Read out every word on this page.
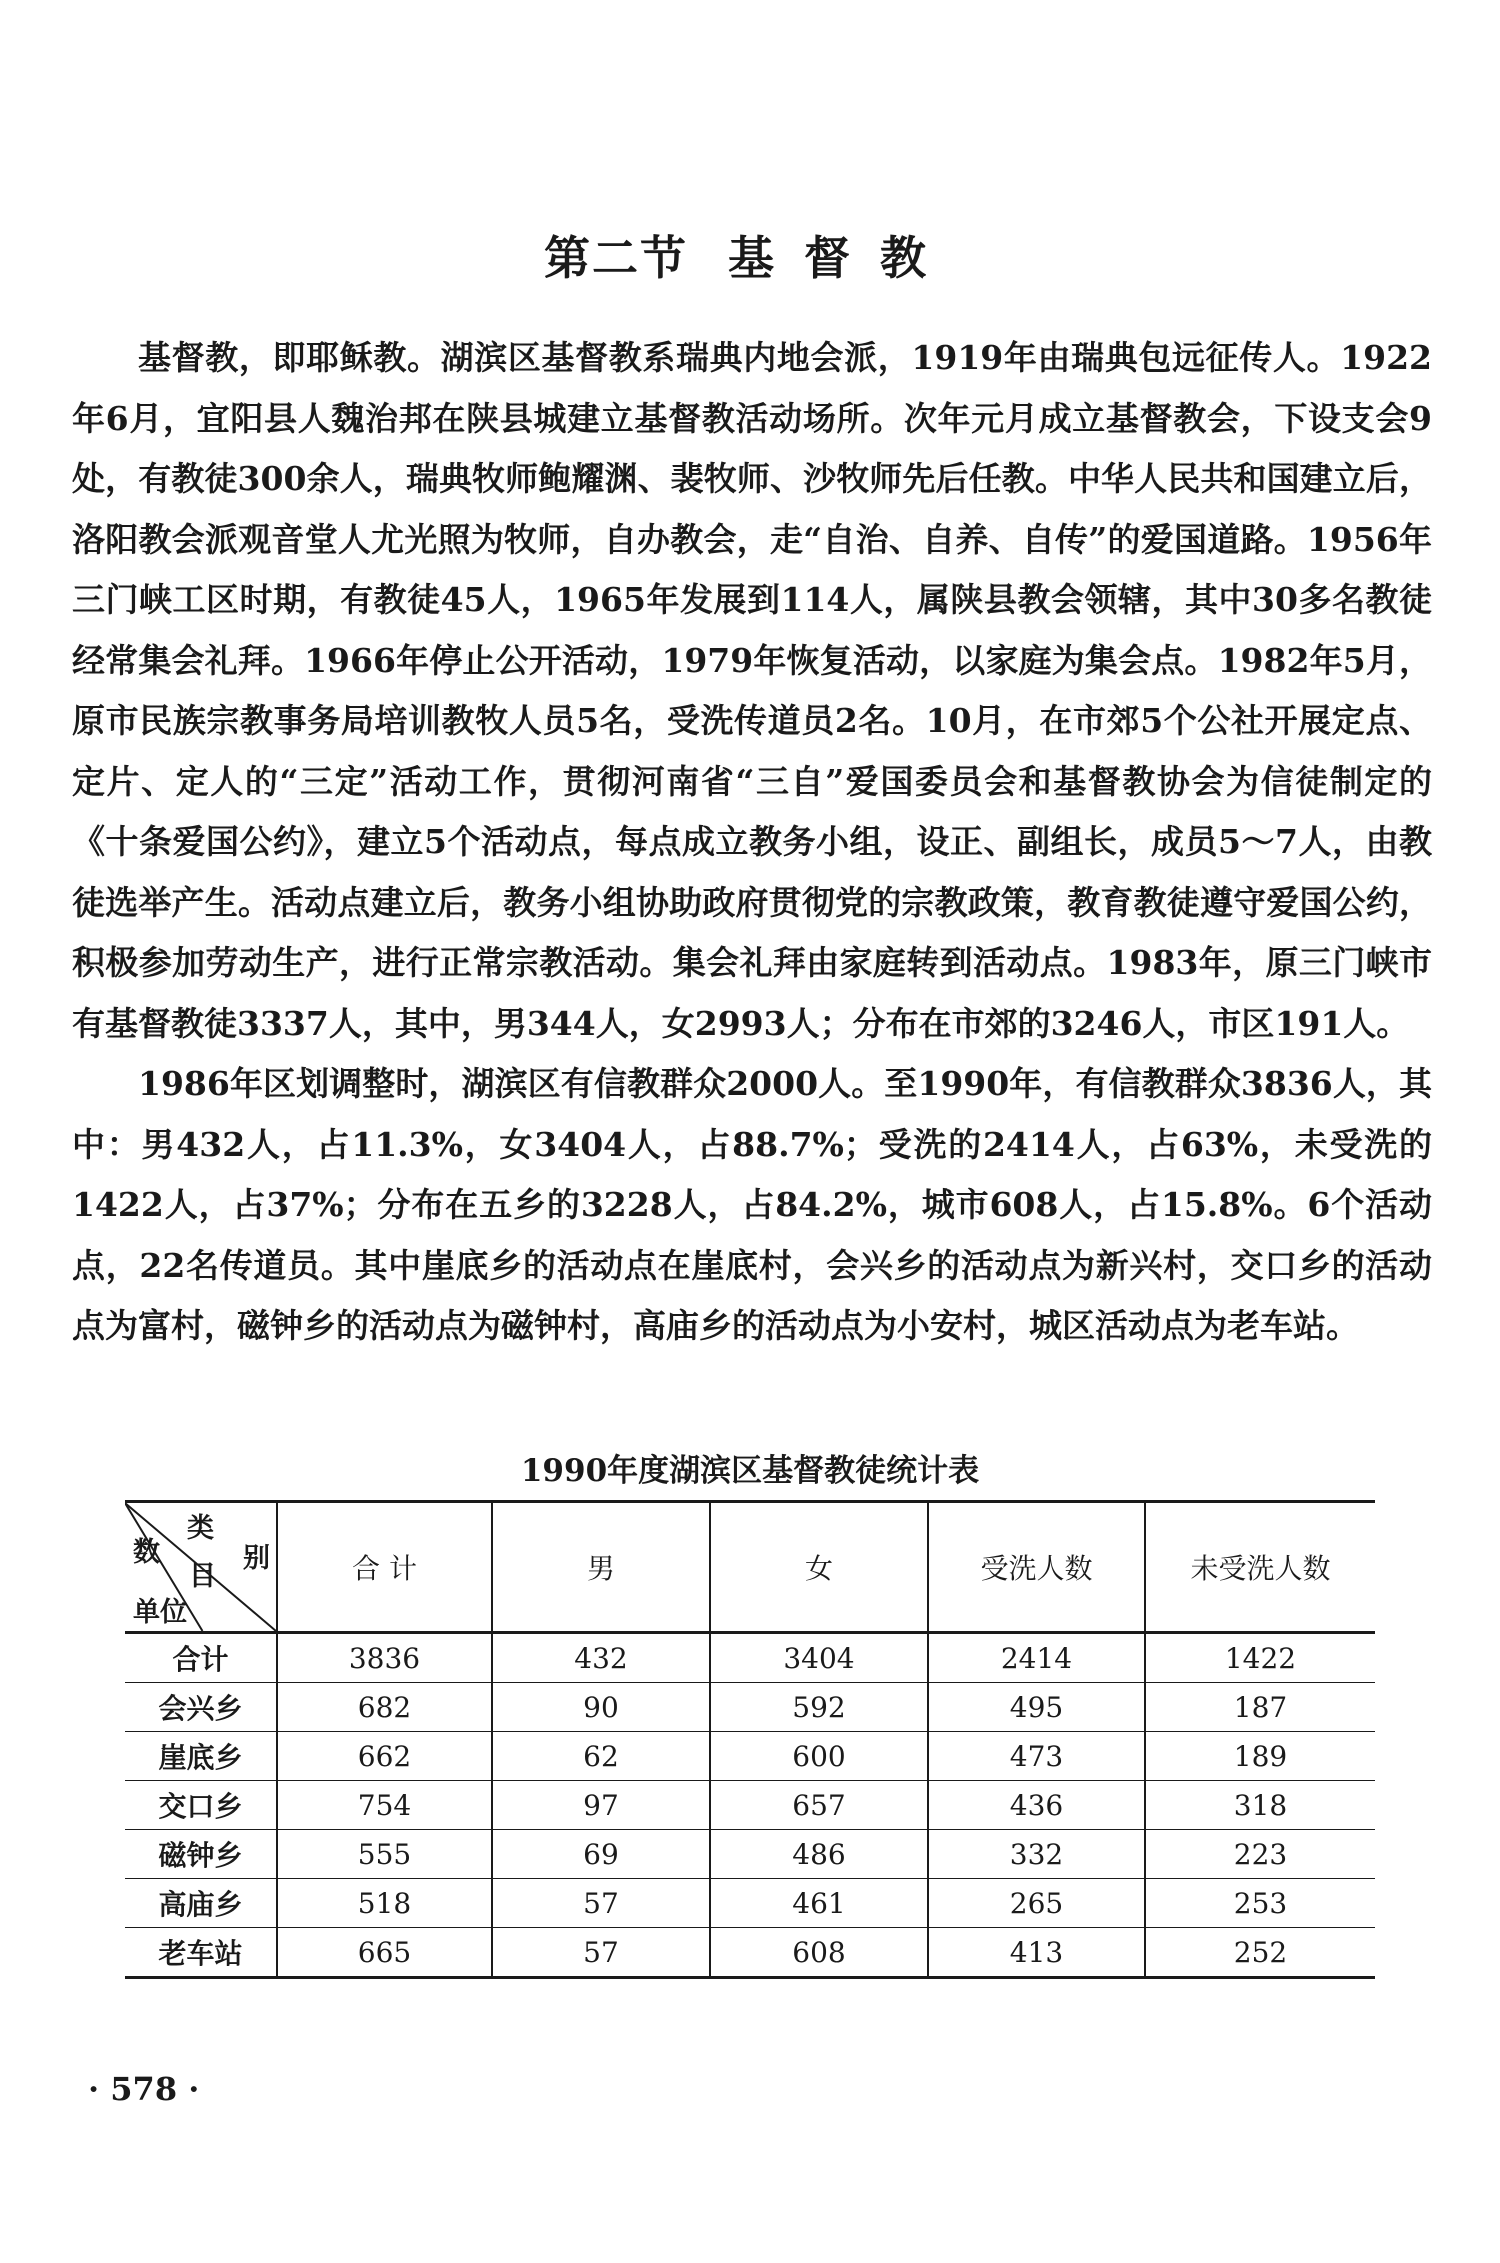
第二节 基督教

基督教，即耶稣教。湖滨区基督教系瑞典内地会派，1919年由瑞典包远征传人。1922年6月，宜阳县人魏治邦在陕县城建立基督教活动场所。次年元月成立基督教会，下设支会9处，有教徒300余人，瑞典牧师鲍耀渊、裴牧师、沙牧师先后任教。中华人民共和国建立后，洛阳教会派观音堂人尤光照为牧师，自办教会，走“自治、自养、自传”的爱国道路。1956年三门峡工区时期，有教徒45人，1965年发展到114人，属陕县教会领辖，其中30多名教徒经常集会礼拜。1966年停止公开活动，1979年恢复活动，以家庭为集会点。1982年5月，原市民族宗教事务局培训教牧人员5名，受洗传道员2名。10月，在市郊5个公社开展定点、定片、定人的“三定”活动工作，贯彻河南省“三自”爱国委员会和基督教协会为信徒制定的《十条爱国公约》，建立5个活动点，每点成立教务小组，设正、副组长，成员5～7人，由教徒选举产生。活动点建立后，教务小组协助政府贯彻党的宗教政策，教育教徒遵守爱国公约，积极参加劳动生产，进行正常宗教活动。集会礼拜由家庭转到活动点。1983年，原三门峡市有基督教徒3337人，其中，男344人，女2993人；分布在市郊的3246人，市区191人。

1986年区划调整时，湖滨区有信教群众2000人。至1990年，有信教群众3836人，其中：男432人，占11.3%，女3404人，占88.7%；受洗的2414人，占63%，未受洗的1422人，占37%；分布在五乡的3228人，占84.2%，城市608人，占15.8%。6个活动点，22名传道员。其中崖底乡的活动点在崖底村，会兴乡的活动点为新兴村，交口乡的活动点为富村，磁钟乡的活动点为磁钟村，高庙乡的活动点为小安村，城区活动点为老车站。

1990年度湖滨区基督教徒统计表
类
别
数
目
单位	合 计	男	女	受洗人数	未受洗人数
合计	3836	432	3404	2414	1422
会兴乡	682	90	592	495	187
崖底乡	662	62	600	473	189
交口乡	754	97	657	436	318
磁钟乡	555	69	486	332	223
高庙乡	518	57	461	265	253
老车站	665	57	608	413	252
· 578 ·
